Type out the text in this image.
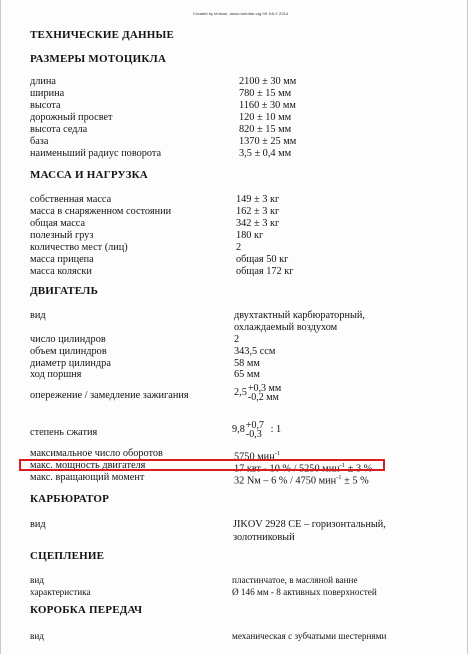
Created by lenkom, www.motofan.org 09 JULY 2014
ТЕХНИЧЕСКИЕ ДАННЫЕ
РАЗМЕРЫ МОТОЦИКЛА
длина	2100 ± 30 мм
ширина	780 ± 15 мм
высота	1160 ± 30 мм
дорожный просвет	120 ± 10 мм
высота седла	820 ± 15 мм
база	1370 ± 25 мм
наименьший радиус поворота	3,5 ± 0,4 мм
МАССА И НАГРУЗКА
собственная масса	149 ± 3 кг
масса в снаряженном состоянии	162 ± 3 кг
общая масса	342 ± 3 кг
полезный груз	180 кг
количество мест (лиц)	2
масса прицепа	общая 50 кг
масса коляски	общая 172 кг
ДВИГАТЕЛЬ
вид	двухтактный карбюраторный,
охлаждаемый воздухом
число цилиндров	2
объем цилиндров	343,5 ccм
диаметр цилиндра	58 мм
ход поршня	65 мм
опережение / замедление зажигания	2,5 +0,3 мм
-0,2 мм
степень сжатия	9,8 +0,7
-0,3 : 1
максимальное число оборотов	5750 мин$^{-1}$
макс. мощность двигателя	17 квт - 10 % / 5250 мин$^{-1}$ ± 3 %
макс. вращающий момент	32 Nм – 6 % / 4750 мин$^{-1}$ ± 5 %
КАРБЮРАТОР
вид	JIKOV 2928 CE – горизонтальный,
золотниковый
СЦЕПЛЕНИЕ
вид	пластинчатое, в масляной ванне
характеристика	Ø 146 мм - 8 активных поверхностей
КОРОБКА ПЕРЕДАЧ
вид	механическая с зубчатыми шестернями
